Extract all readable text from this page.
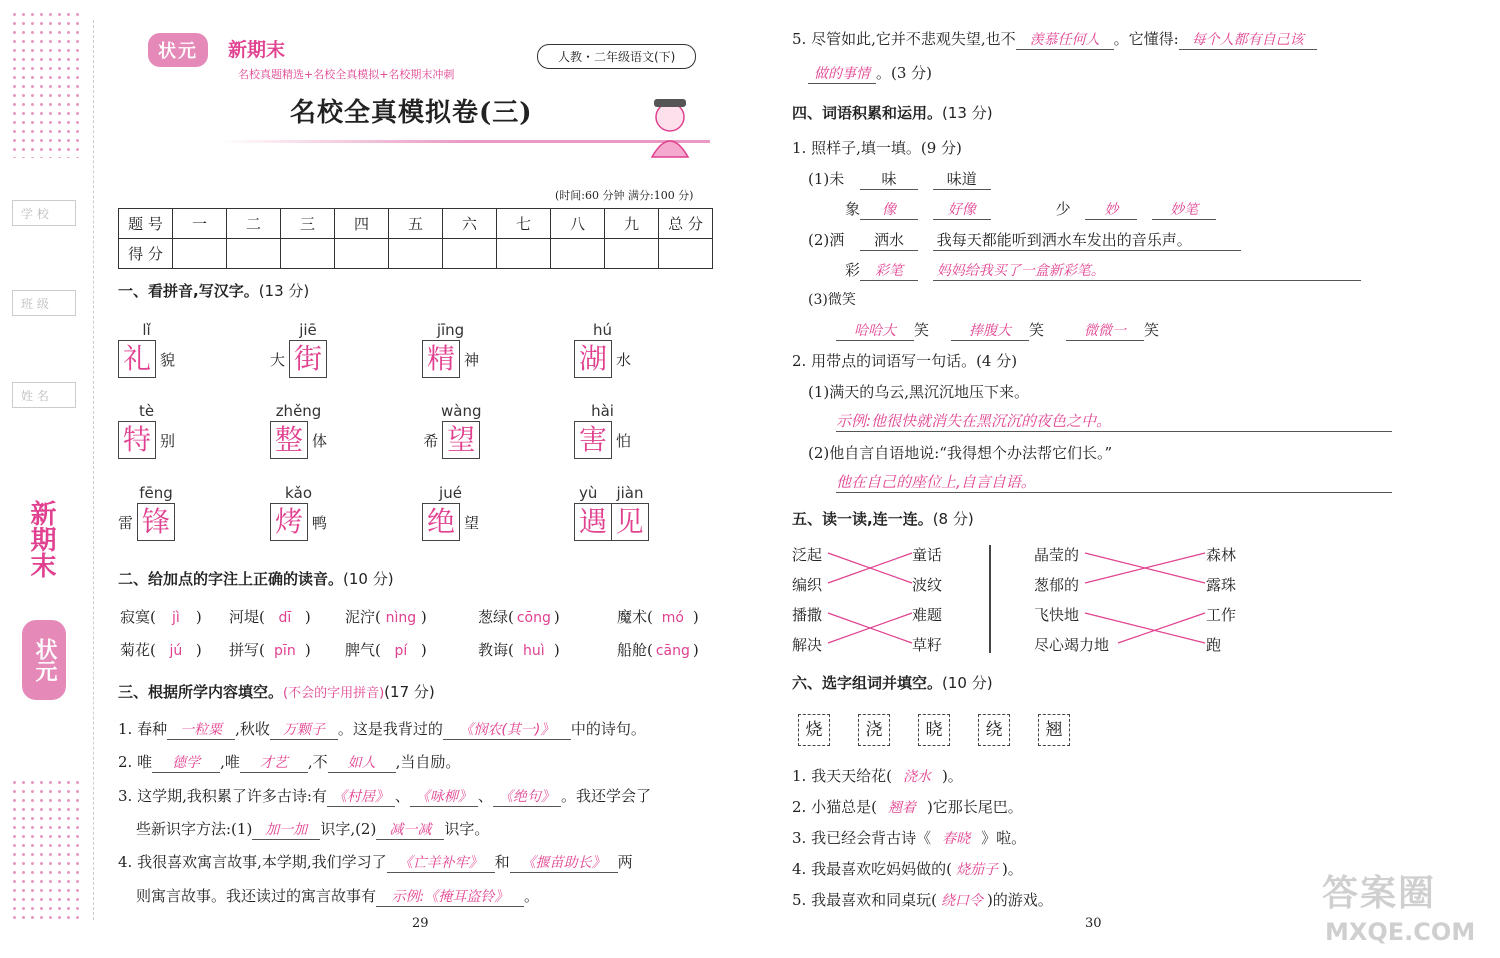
学 校
班 级
姓 名
新期末
状元
状元	新期末
名校真题精选+名校全真模拟+名校期末冲刺
人教・二年级语文(下)
名校全真模拟卷(三)
(时间:60 分钟 满分:100 分)
题 号	一	二	三	四	五	六	七	八	九	总 分
得 分										
一、看拼音,写汉字。(13 分)
lǐ
礼 貌
jiē
大 街
jīng
精 神
hú
湖 水
tè
特 别
zhěng
整 体
wàng
希 望
hài
害 怕
fēng
雷 锋
kǎo
烤 鸭
jué
绝 望
yù    jiàn
遇 见
二、给加点的字注上正确的读音。(10 分)
寂寞( jì ) 河堤( dī ) 泥泞( nìng )	葱绿( cōng )	魔术( mó )
菊花( jú ) 拼写( pīn ) 脾气( pí )	教诲( huì )	船舱( cāng )
三、根据所学内容填空。(不会的字用拼音)(17 分)
1. 春种 一粒粟 ,秋收 万颗子 。这是我背过的 《悯农(其一)》 中的诗句。
2. 唯 德学 ,唯 才艺 ,不 如人 ,当自励。
3. 这学期,我积累了许多古诗:有 《村居》 、 《咏柳》 、 《绝句》 。我还学会了
些新识字方法:(1) 加一加 识字,(2) 减一减 识字。
4. 我很喜欢寓言故事,本学期,我们学习了 《亡羊补牢》 和 《揠苗助长》 两
则寓言故事。我还读过的寓言故事有 示例:《掩耳盗铃》 。
29
5. 尽管如此,它并不悲观失望,也不 羡慕任何人 。它懂得: 每个人都有自己该
做的事情 。(3 分)
四、词语积累和运用。(13 分)
1. 照样子,填一填。(9 分)
(1)未 味	味道
象 像	好像	少 妙	妙笔
(2)洒 洒水 我每天都能听到洒水车发出的音乐声。
彩 彩笔 妈妈给我买了一盒新彩笔。
(3)微笑
哈哈大 笑	捧腹大 笑	微微一 笑
2. 用带点的词语写一句话。(4 分)
(1)满天的乌云,黑沉沉地压下来。
示例:他很快就消失在黑沉沉的夜色之中。
(2)他自言自语地说:“我得想个办法帮它们长。”
他在自己的座位上,自言自语。
五、读一读,连一连。(8 分)
泛起
编织
播撒
解决
童话
波纹
难题
草籽
晶莹的
葱郁的
飞快地
尽心竭力地
森林
露珠
工作
跑
六、选字组词并填空。(10 分)
烧	浇	晓	绕	翘
1. 我天天给花( 浇水 )。
2. 小猫总是( 翘着 )它那长尾巴。
3. 我已经会背古诗《 春晓 》啦。
4. 我最喜欢吃妈妈做的( 烧茄子 )。
5. 我最喜欢和同桌玩( 绕口令 )的游戏。
30
答案圈
MXQE.COM
